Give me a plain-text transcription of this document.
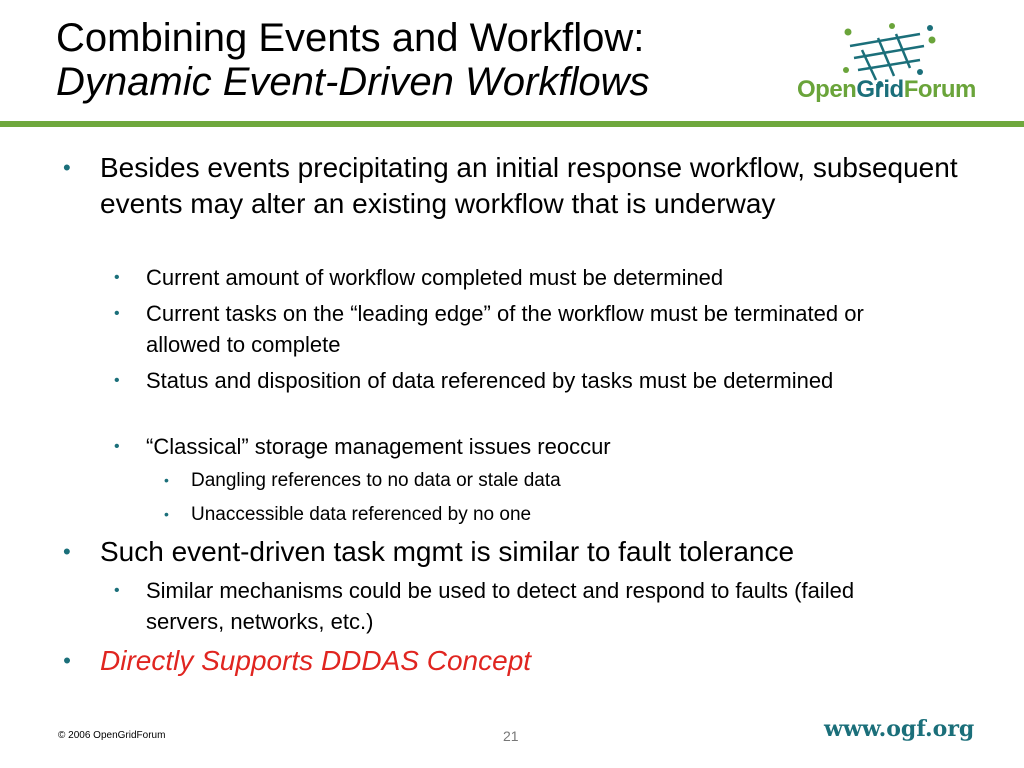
Combining Events and Workflow:
Dynamic Event-Driven Workflows	OpenGridForum
• Besides events precipitating an initial response workflow, subsequent events may alter an existing workflow that is underway
• Current amount of workflow completed must be determined
• Current tasks on the “leading edge” of the workflow must be terminated or allowed to complete
• Status and disposition of data referenced by tasks must be determined
• “Classical” storage management issues reoccur
• Dangling references to no data or stale data
• Unaccessible data referenced by no one
• Such event-driven task mgmt is similar to fault tolerance
• Similar mechanisms could be used to detect and respond to faults (failed servers, networks, etc.)
• Directly Supports DDDAS Concept
© 2006 OpenGridForum	21	www.ogf.org
